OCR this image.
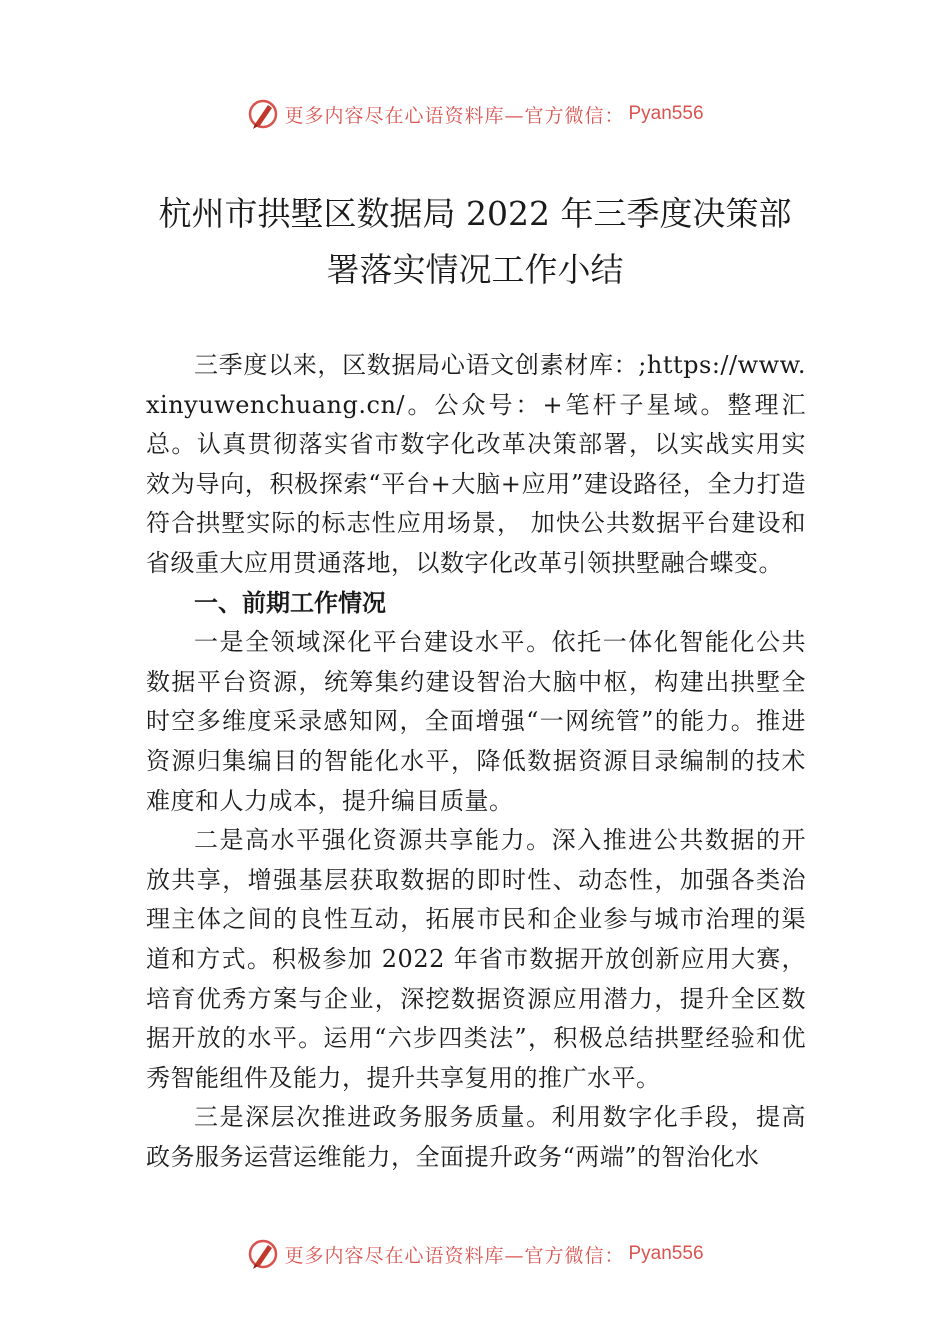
更多内容尽在心语资料库—官方微信： Pyan556
杭州市拱墅区数据局 2022 年三季度决策部
署落实情况工作小结

三季度以来，区数据局心语文创素材库：;https://www.xinyuwenchuang.cn/。公众号：+笔杆子星域。整理汇总。认真贯彻落实省市数字化改革决策部署，以实战实用实效为导向，积极探索“平台+大脑+应用”建设路径，全力打造符合拱墅实际的标志性应用场景， 加快公共数据平台建设和省级重大应用贯通落地，以数字化改革引领拱墅融合蝶变。

一、前期工作情况

一是全领域深化平台建设水平。依托一体化智能化公共数据平台资源，统筹集约建设智治大脑中枢，构建出拱墅全时空多维度采录感知网，全面增强“一网统管”的能力。推进资源归集编目的智能化水平，降低数据资源目录编制的技术难度和人力成本，提升编目质量。

二是高水平强化资源共享能力。深入推进公共数据的开放共享，增强基层获取数据的即时性、动态性，加强各类治理主体之间的良性互动，拓展市民和企业参与城市治理的渠道和方式。积极参加 2022 年省市数据开放创新应用大赛，培育优秀方案与企业，深挖数据资源应用潜力，提升全区数据开放的水平。运用“六步四类法”，积极总结拱墅经验和优秀智能组件及能力，提升共享复用的推广水平。

三是深层次推进政务服务质量。利用数字化手段，提高政务服务运营运维能力，全面提升政务“两端”的智治化水

更多内容尽在心语资料库—官方微信： Pyan556
